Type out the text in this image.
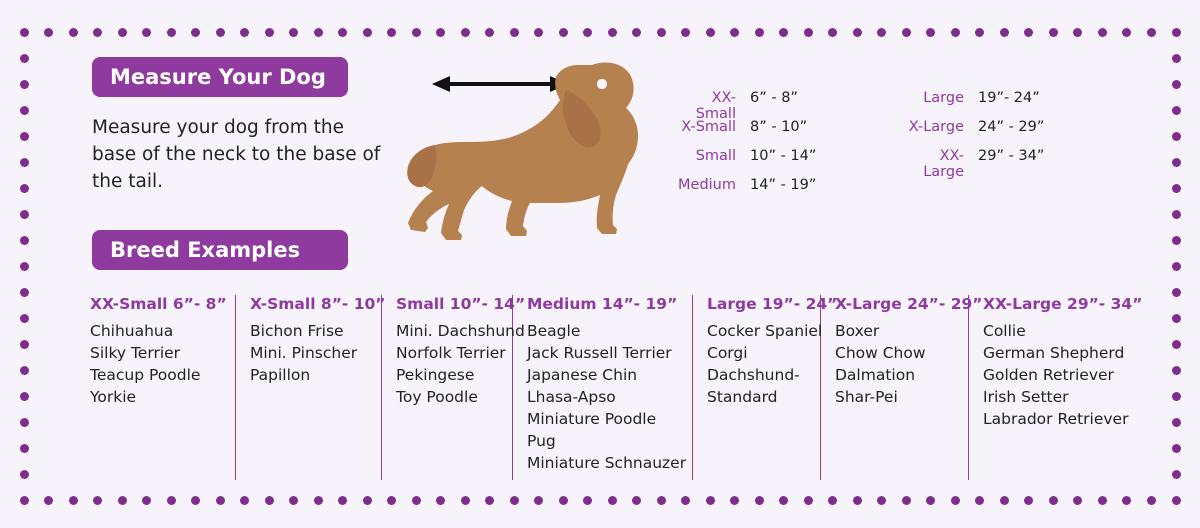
Measure Your Dog
Measure your dog from the base of the neck to the base of the tail.
XX-Small
6” - 8”
X-Small 8” - 10”
Small 10” - 14”
Medium 14” - 19”
Large 19”- 24”
X-Large 24” - 29”
XX-Large
29” - 34”
Breed Examples
XX-Small 6”- 8”
Chihuahua
Silky Terrier
Teacup Poodle
Yorkie
X-Small 8”- 10”
Bichon Frise
Mini. Pinscher
Papillon
Small 10”- 14”
Mini. Dachshund
Norfolk Terrier
Pekingese
Toy Poodle
Medium 14”- 19”
Beagle
Jack Russell Terrier
Japanese Chin
Lhasa-Apso
Miniature Poodle
Pug
Miniature Schnauzer
Large 19”- 24”
Cocker Spaniel
Corgi
Dachshund-
Standard
X-Large 24”- 29”
Boxer
Chow Chow
Dalmation
Shar-Pei
XX-Large 29”- 34”
Collie
German Shepherd
Golden Retriever
Irish Setter
Labrador Retriever
